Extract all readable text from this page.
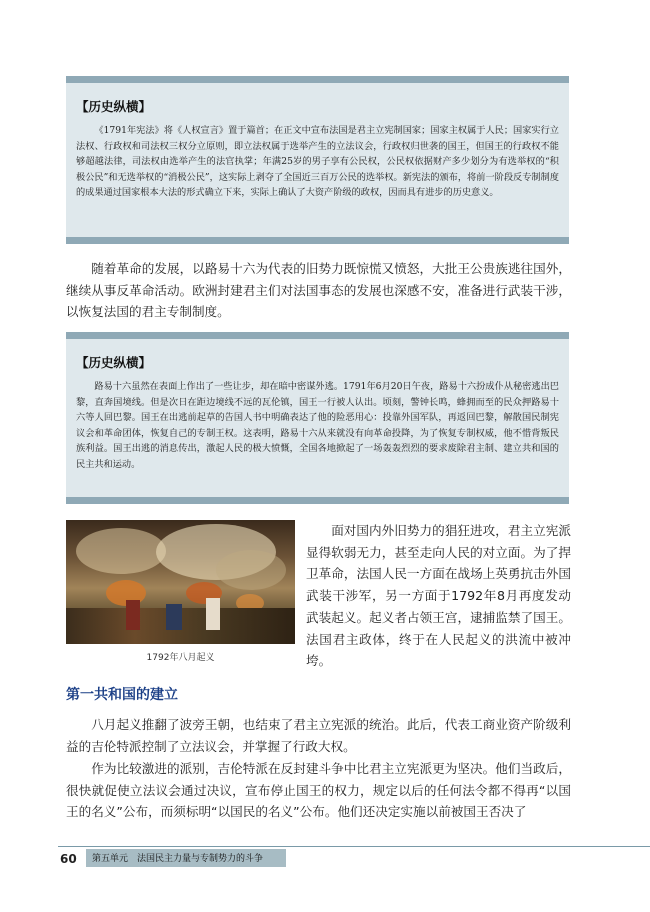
【历史纵横】
《1791年宪法》将《人权宣言》置于篇首；在正文中宣布法国是君主立宪制国家；国家主权属于人民；国家实行立法权、行政权和司法权三权分立原则，即立法权属于选举产生的立法议会，行政权归世袭的国王，但国王的行政权不能够超越法律，司法权由选举产生的法官执掌；年满25岁的男子享有公民权，公民权依据财产多少划分为有选举权的“积极公民”和无选举权的“消极公民”，这实际上剥夺了全国近三百万公民的选举权。新宪法的颁布，将前一阶段反专制制度的成果通过国家根本大法的形式确立下来，实际上确认了大资产阶级的政权，因而具有进步的历史意义。

随着革命的发展，以路易十六为代表的旧势力既惊慌又愤怒，大批王公贵族逃往国外，继续从事反革命活动。欧洲封建君主们对法国事态的发展也深感不安，准备进行武装干涉，以恢复法国的君主专制制度。

【历史纵横】
路易十六虽然在表面上作出了一些让步，却在暗中密谋外逃。1791年6月20日午夜，路易十六扮成仆从秘密逃出巴黎，直奔国境线。但是次日在距边境线不远的瓦伦镇，国王一行被人认出。顷刻，警钟长鸣，蜂拥而至的民众押路易十六等人回巴黎。国王在出逃前起草的告国人书中明确表达了他的险恶用心：投靠外国军队，再返回巴黎，解散国民制宪议会和革命团体，恢复自己的专制王权。这表明，路易十六从来就没有向革命投降，为了恢复专制权威，他不惜背叛民族利益。国王出逃的消息传出，激起人民的极大愤慨，全国各地掀起了一场轰轰烈烈的要求废除君主制、建立共和国的民主共和运动。
1792年八月起义

面对国内外旧势力的猖狂进攻，君主立宪派显得软弱无力，甚至走向人民的对立面。为了捍卫革命，法国人民一方面在战场上英勇抗击外国武装干涉军，另一方面于1792年8月再度发动武装起义。起义者占领王宫，逮捕监禁了国王。法国君主政体，终于在人民起义的洪流中被冲垮。

第一共和国的建立

八月起义推翻了波旁王朝，也结束了君主立宪派的统治。此后，代表工商业资产阶级利益的吉伦特派控制了立法议会，并掌握了行政大权。

作为比较激进的派别，吉伦特派在反封建斗争中比君主立宪派更为坚决。他们当政后，很快就促使立法议会通过决议，宣布停止国王的权力，规定以后的任何法令都不得再“以国王的名义”公布，而须标明“以国民的名义”公布。他们还决定实施以前被国王否决了

60 第五单元　法国民主力量与专制势力的斗争
